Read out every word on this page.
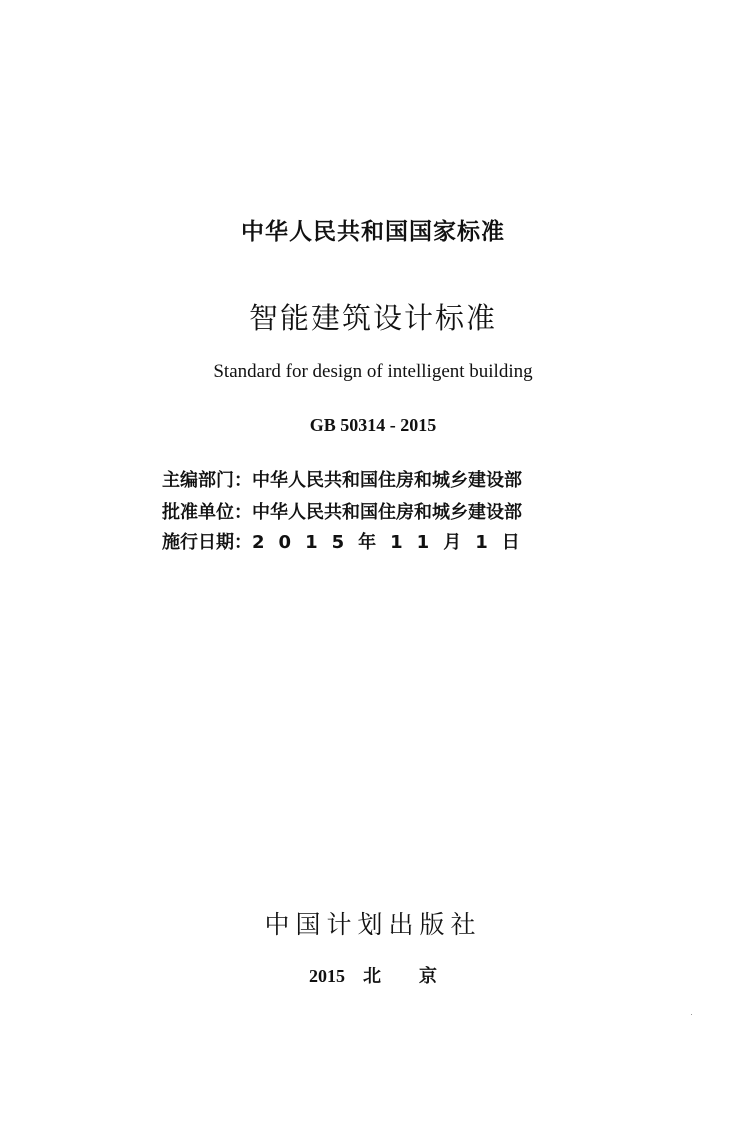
中华人民共和国国家标准
智能建筑设计标准
Standard for design of intelligent building
GB 50314 - 2015
主编部门：中华人民共和国住房和城乡建设部
批准单位：中华人民共和国住房和城乡建设部
施行日期：2 0 1 5 年 1 1 月 1 日
中国计划出版社
2015 北 京
